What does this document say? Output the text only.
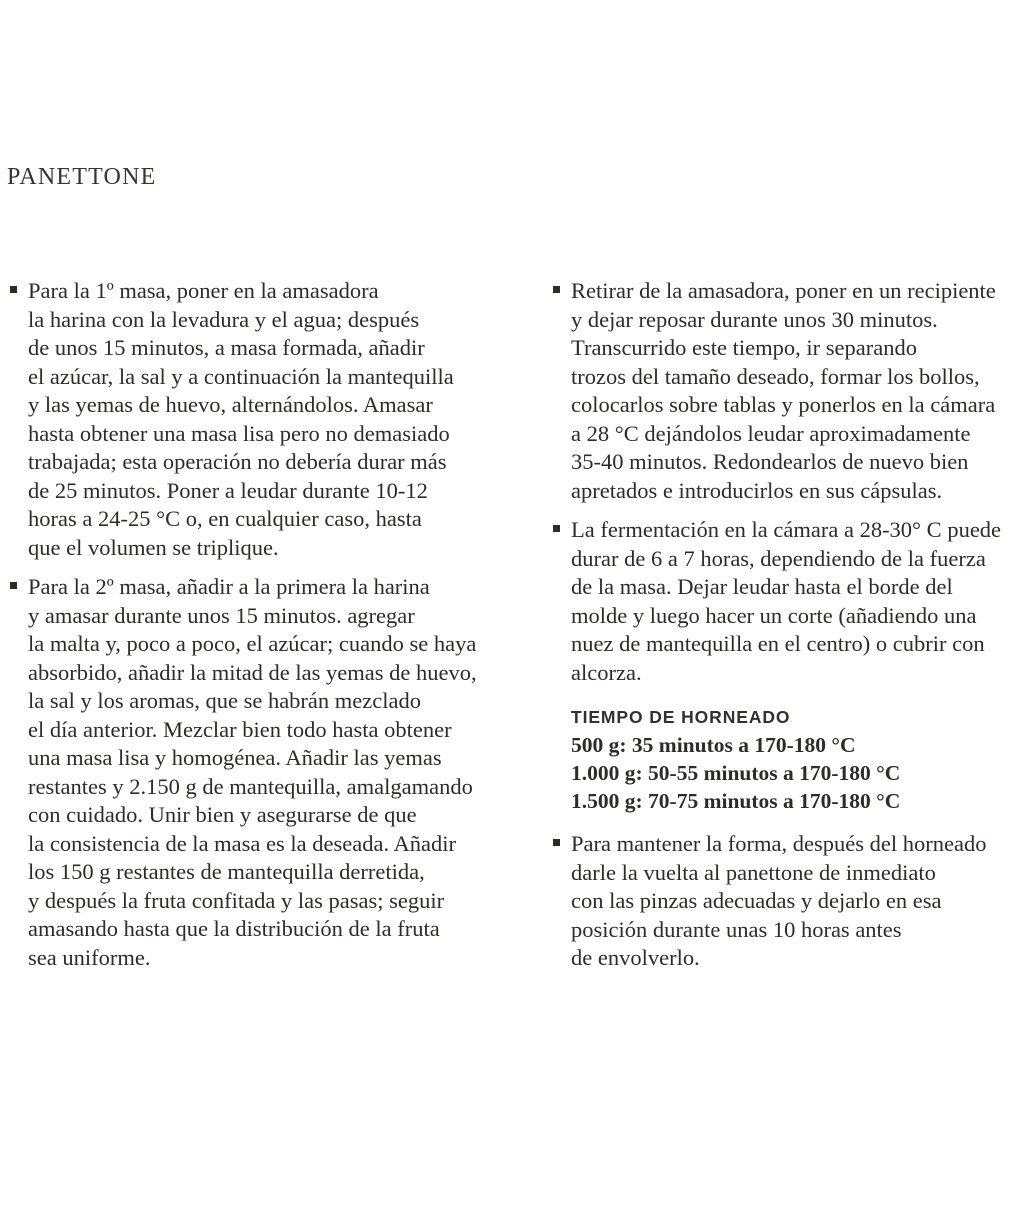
PANETTONE
Para la 1º masa, poner en la amasadora
la harina con la levadura y el agua; después
de unos 15 minutos, a masa formada, añadir
el azúcar, la sal y a continuación la mantequilla
y las yemas de huevo, alternándolos. Amasar
hasta obtener una masa lisa pero no demasiado
trabajada; esta operación no debería durar más
de 25 minutos. Poner a leudar durante 10-12
horas a 24-25 °C o, en cualquier caso, hasta
que el volumen se triplique.
Para la 2º masa, añadir a la primera la harina
y amasar durante unos 15 minutos. agregar
la malta y, poco a poco, el azúcar; cuando se haya
absorbido, añadir la mitad de las yemas de huevo,
la sal y los aromas, que se habrán mezclado
el día anterior. Mezclar bien todo hasta obtener
una masa lisa y homogénea. Añadir las yemas
restantes y 2.150 g de mantequilla, amalgamando
con cuidado. Unir bien y asegurarse de que
la consistencia de la masa es la deseada. Añadir
los 150 g restantes de mantequilla derretida,
y después la fruta confitada y las pasas; seguir
amasando hasta que la distribución de la fruta
sea uniforme.
Retirar de la amasadora, poner en un recipiente
y dejar reposar durante unos 30 minutos.
Transcurrido este tiempo, ir separando
trozos del tamaño deseado, formar los bollos,
colocarlos sobre tablas y ponerlos en la cámara
a 28 °C dejándolos leudar aproximadamente
35-40 minutos. Redondearlos de nuevo bien
apretados e introducirlos en sus cápsulas.
La fermentación en la cámara a 28-30° C puede
durar de 6 a 7 horas, dependiendo de la fuerza
de la masa. Dejar leudar hasta el borde del
molde y luego hacer un corte (añadiendo una
nuez de mantequilla en el centro) o cubrir con
alcorza.
TIEMPO DE HORNEADO
500 g: 35 minutos a 170-180 °C
1.000 g: 50-55 minutos a 170-180 °C
1.500 g: 70-75 minutos a 170-180 °C
Para mantener la forma, después del horneado
darle la vuelta al panettone de inmediato
con las pinzas adecuadas y dejarlo en esa
posición durante unas 10 horas antes
de envolverlo.
